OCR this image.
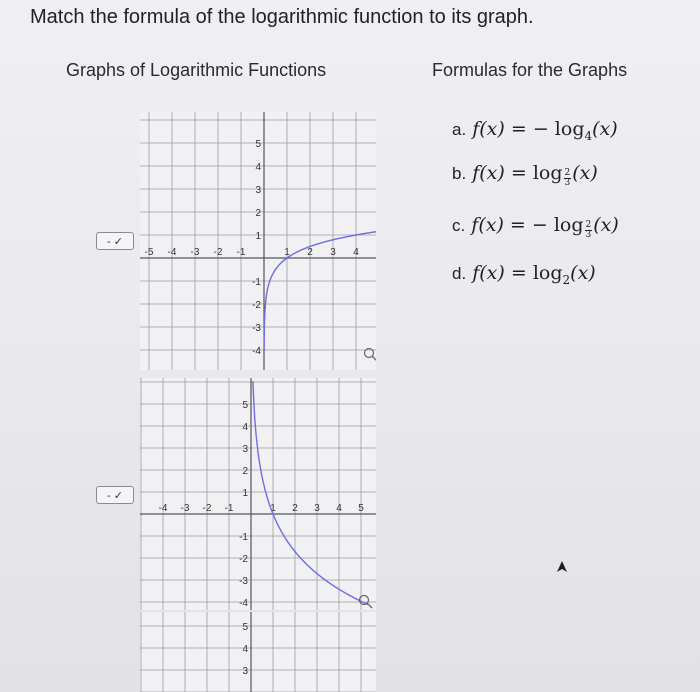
Match the formula of the logarithmic function to its graph.
Graphs of Logarithmic Functions	Formulas for the Graphs
-5 -4 -3 -2 -1	1 2 3 4
1
2
3
4
5
-1
-2
-3
-4
- ✓
-4 -3 -2 -1	1 2 3 4 5
1
2
3
4
5
-1
-2
-3
-4
- ✓
3
4
5
a. f(x) = − $\log_4(x)$
b. $f(x) = \log \frac{2}{3} (x)$
c. f(x) = − $\log \frac{2}{3} (x)$
d. $f(x) = \log_2(x)$
